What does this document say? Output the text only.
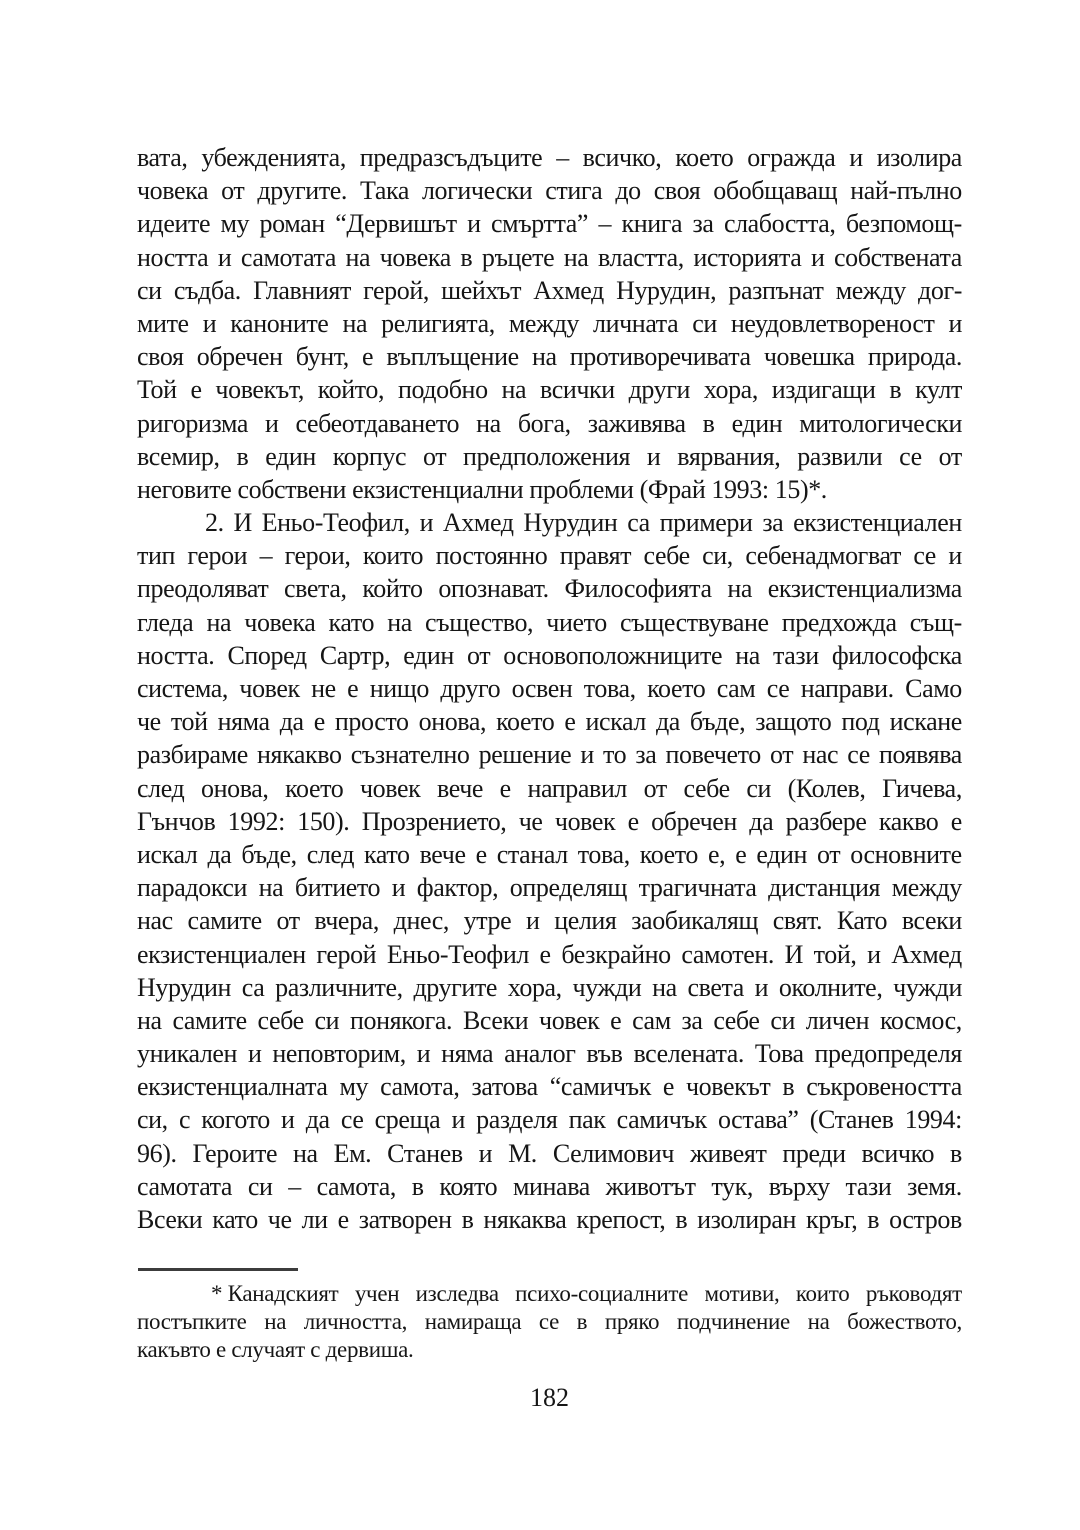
вата, убежденията, предразсъдъците – всичко, което огражда и изолира
човека от другите. Така логически стига до своя обобщаващ най-пълно
идеите му роман “Дервишът и смъртта” – книга за слабостта, безпомощ-
ността и самотата на човека в ръцете на властта, историята и собствената
си съдба. Главният герой, шейхът Ахмед Нурудин, разпънат между дог-
мите и каноните на религията, между личната си неудовлетвореност и
своя обречен бунт, е въплъщение на противоречивата човешка природа.
Той е човекът, който, подобно на всички други хора, издигащи в култ
ригоризма и себеотдаването на бога, заживява в един митологически
всемир, в един корпус от предположения и вярвания, развили се от
неговите собствени екзистенциални проблеми (Фрай 1993: 15)*.
2. И Еньо-Теофил, и Ахмед Нурудин са примери за екзистенциален
тип герои – герои, които постоянно правят себе си, себенадмогват се и
преодоляват света, който опознават. Философията на екзистенциализма
гледа на човека като на същество, чието съществуване предхожда същ-
ността. Според Сартр, един от основоположниците на тази философска
система, човек не е нищо друго освен това, което сам се направи. Само
че той няма да е просто онова, което е искал да бъде, защото под искане
разбираме някакво съзнателно решение и то за повечето от нас се появява
след онова, което човек вече е направил от себе си (Колев, Гичева,
Гънчов 1992: 150). Прозрението, че човек е обречен да разбере какво е
искал да бъде, след като вече е станал това, което е, е един от основните
парадокси на битието и фактор, определящ трагичната дистанция между
нас самите от вчера, днес, утре и целия заобикалящ свят. Като всеки
екзистенциален герой Еньо-Теофил е безкрайно самотен. И той, и Ахмед
Нурудин са различните, другите хора, чужди на света и околните, чужди
на самите себе си понякога. Всеки човек е сам за себе си личен космос,
уникален и неповторим, и няма аналог във вселената. Това предопределя
екзистенциалната му самота, затова “самичък е човекът в съкровеността
си, с когото и да се среща и разделя пак самичък остава” (Станев 1994:
96). Героите на Ем. Станев и М. Селимович живеят преди всичко в
самотата си – самота, в която минава животът тук, върху тази земя.
Всеки като че ли е затворен в някаква крепост, в изолиран кръг, в остров
* Канадският учен изследва психо-социалните мотиви, които ръководят
постъпките на личността, намираща се в пряко подчинение на божеството,
какъвто е случаят с дервиша.
182
